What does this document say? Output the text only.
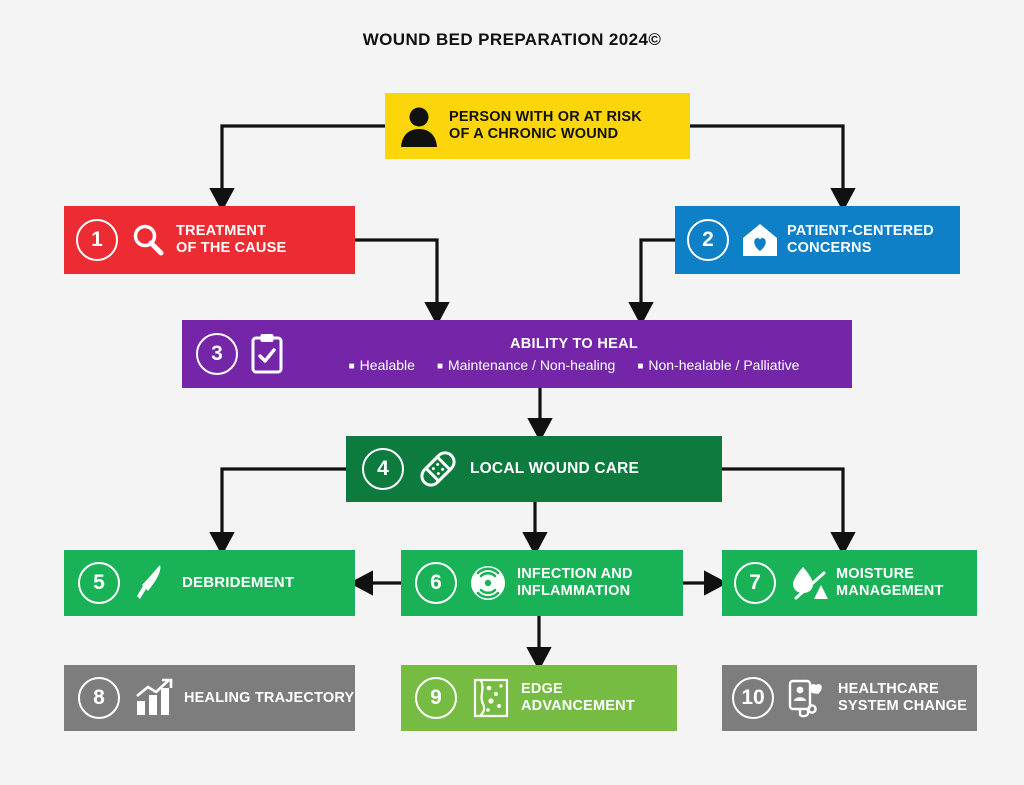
WOUND BED PREPARATION 2024©
PERSON WITH OR AT RISK
OF A CHRONIC WOUND
1	TREATMENT
OF THE CAUSE	2	PATIENT-CENTERED
CONCERNS
3	ABILITY TO HEAL
■ Healable	■ Maintenance / Non-healing	■ Non-healable / Palliative
4	LOCAL WOUND CARE
5	DEBRIDEMENT	6	INFECTION AND
INFLAMMATION	7	MOISTURE
MANAGEMENT
8	HEALING TRAJECTORY	9	EDGE ADVANCEMENT	10	HEALTHCARE
SYSTEM CHANGE
